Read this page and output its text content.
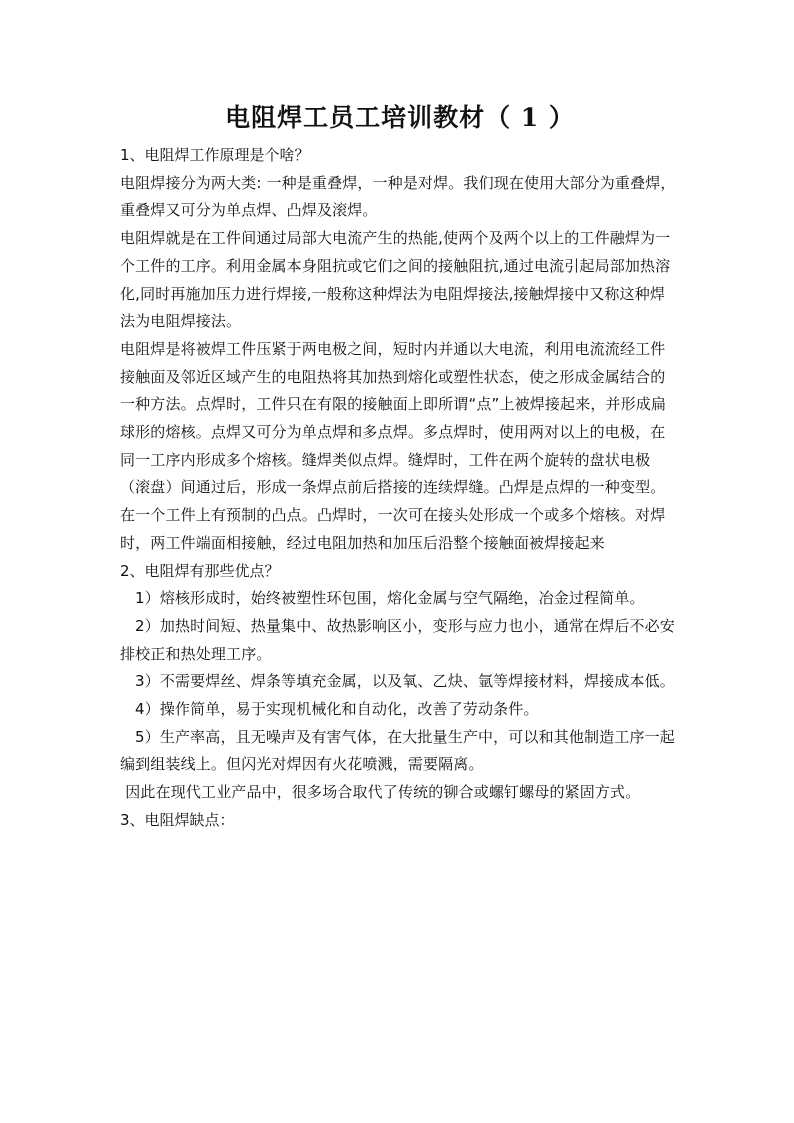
电阻焊工员工培训教材（ 1 ）

1、电阻焊工作原理是个啥？

电阻焊接分为两大类: 一种是重叠焊，一种是对焊。我们现在使用大部分为重叠焊，重叠焊又可分为单点焊、凸焊及滚焊。

电阻焊就是在工件间通过局部大电流产生的热能,使两个及两个以上的工件融焊为一个工件的工序。利用金属本身阻抗或它们之间的接触阻抗,通过电流引起局部加热溶化,同时再施加压力进行焊接,一般称这种焊法为电阻焊接法,接触焊接中又称这种焊法为电阻焊接法。

电阻焊是将被焊工件压紧于两电极之间，短时内并通以大电流，利用电流流经工件接触面及邻近区域产生的电阻热将其加热到熔化或塑性状态，使之形成金属结合的一种方法。点焊时，工件只在有限的接触面上即所谓“点”上被焊接起来，并形成扁球形的熔核。点焊又可分为单点焊和多点焊。多点焊时，使用两对以上的电极，在同一工序内形成多个熔核。缝焊类似点焊。缝焊时，工件在两个旋转的盘状电极（滚盘）间通过后，形成一条焊点前后搭接的连续焊缝。凸焊是点焊的一种变型。在一个工件上有预制的凸点。凸焊时，一次可在接头处形成一个或多个熔核。对焊时，两工件端面相接触，经过电阻加热和加压后沿整个接触面被焊接起来

2、电阻焊有那些优点？

1）熔核形成时，始终被塑性环包围，熔化金属与空气隔绝，冶金过程简单。

2）加热时间短、热量集中、故热影响区小，变形与应力也小，通常在焊后不必安排校正和热处理工序。

3）不需要焊丝、焊条等填充金属，以及氧、乙炔、氩等焊接材料，焊接成本低。

4）操作简单，易于实现机械化和自动化，改善了劳动条件。

5）生产率高，且无噪声及有害气体，在大批量生产中，可以和其他制造工序一起编到组装线上。但闪光对焊因有火花喷溅，需要隔离。

因此在现代工业产品中，很多场合取代了传统的铆合或螺钉螺母的紧固方式。

3、电阻焊缺点：
